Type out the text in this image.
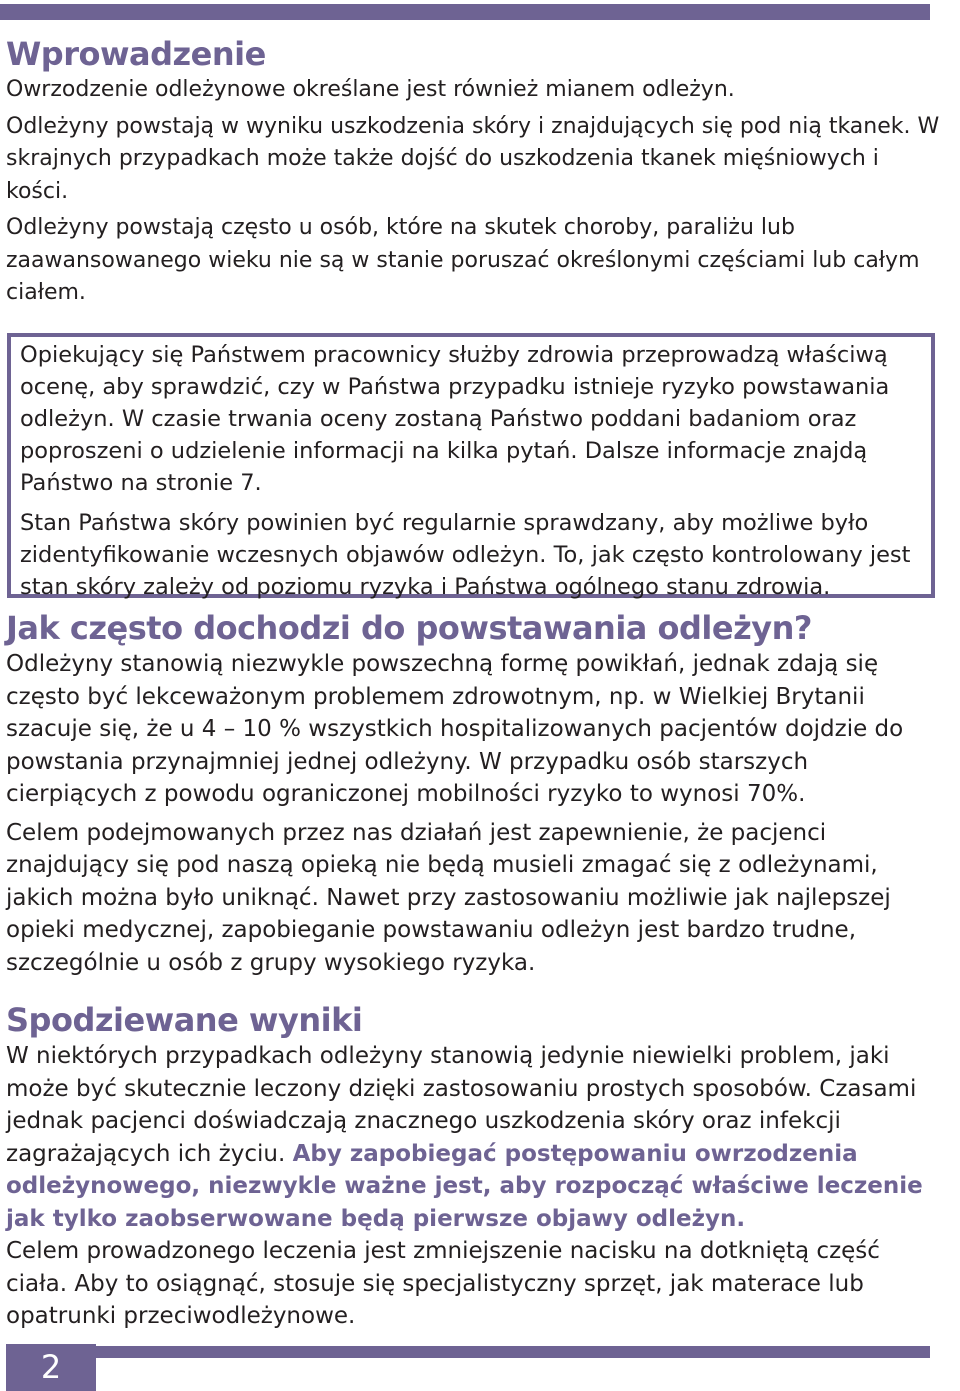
Wprowadzenie

Owrzodzenie odleżynowe określane jest również mianem odleżyn.

Odleżyny powstają w wyniku uszkodzenia skóry i znajdujących się pod nią tkanek. W skrajnych przypadkach może także dojść do uszkodzenia tkanek mięśniowych i kości.

Odleżyny powstają często u osób, które na skutek choroby, paraliżu lub zaawansowanego wieku nie są w stanie poruszać określonymi częściami lub całym ciałem.

Opiekujący się Państwem pracownicy służby zdrowia przeprowadzą właściwą ocenę, aby sprawdzić, czy w Państwa przypadku istnieje ryzyko powstawania odleżyn. W czasie trwania oceny zostaną Państwo poddani badaniom oraz poproszeni o udzielenie informacji na kilka pytań. Dalsze informacje znajdą Państwo na stronie 7.

Stan Państwa skóry powinien być regularnie sprawdzany, aby możliwe było zidentyfikowanie wczesnych objawów odleżyn. To, jak często kontrolowany jest stan skóry zależy od poziomu ryzyka i Państwa ogólnego stanu zdrowia.

Jak często dochodzi do powstawania odleżyn?

Odleżyny stanowią niezwykle powszechną formę powikłań, jednak zdają się często być lekceważonym problemem zdrowotnym, np. w Wielkiej Brytanii szacuje się, że u 4 – 10 % wszystkich hospitalizowanych pacjentów dojdzie do powstania przynajmniej jednej odleżyny. W przypadku osób starszych cierpiących z powodu ograniczonej mobilności ryzyko to wynosi 70%.

Celem podejmowanych przez nas działań jest zapewnienie, że pacjenci znajdujący się pod naszą opieką nie będą musieli zmagać się z odleżynami, jakich można było uniknąć. Nawet przy zastosowaniu możliwie jak najlepszej opieki medycznej, zapobieganie powstawaniu odleżyn jest bardzo trudne, szczególnie u osób z grupy wysokiego ryzyka.

Spodziewane wyniki

W niektórych przypadkach odleżyny stanowią jedynie niewielki problem, jaki może być skutecznie leczony dzięki zastosowaniu prostych sposobów. Czasami jednak pacjenci doświadczają znacznego uszkodzenia skóry oraz infekcji zagrażających ich życiu. Aby zapobiegać postępowaniu owrzodzenia odleżynowego, niezwykle ważne jest, aby rozpocząć właściwe leczenie jak tylko zaobserwowane będą pierwsze objawy odleżyn.

Celem prowadzonego leczenia jest zmniejszenie nacisku na dotkniętą część ciała. Aby to osiągnąć, stosuje się specjalistyczny sprzęt, jak materace lub opatrunki przeciwodleżynowe.

2
